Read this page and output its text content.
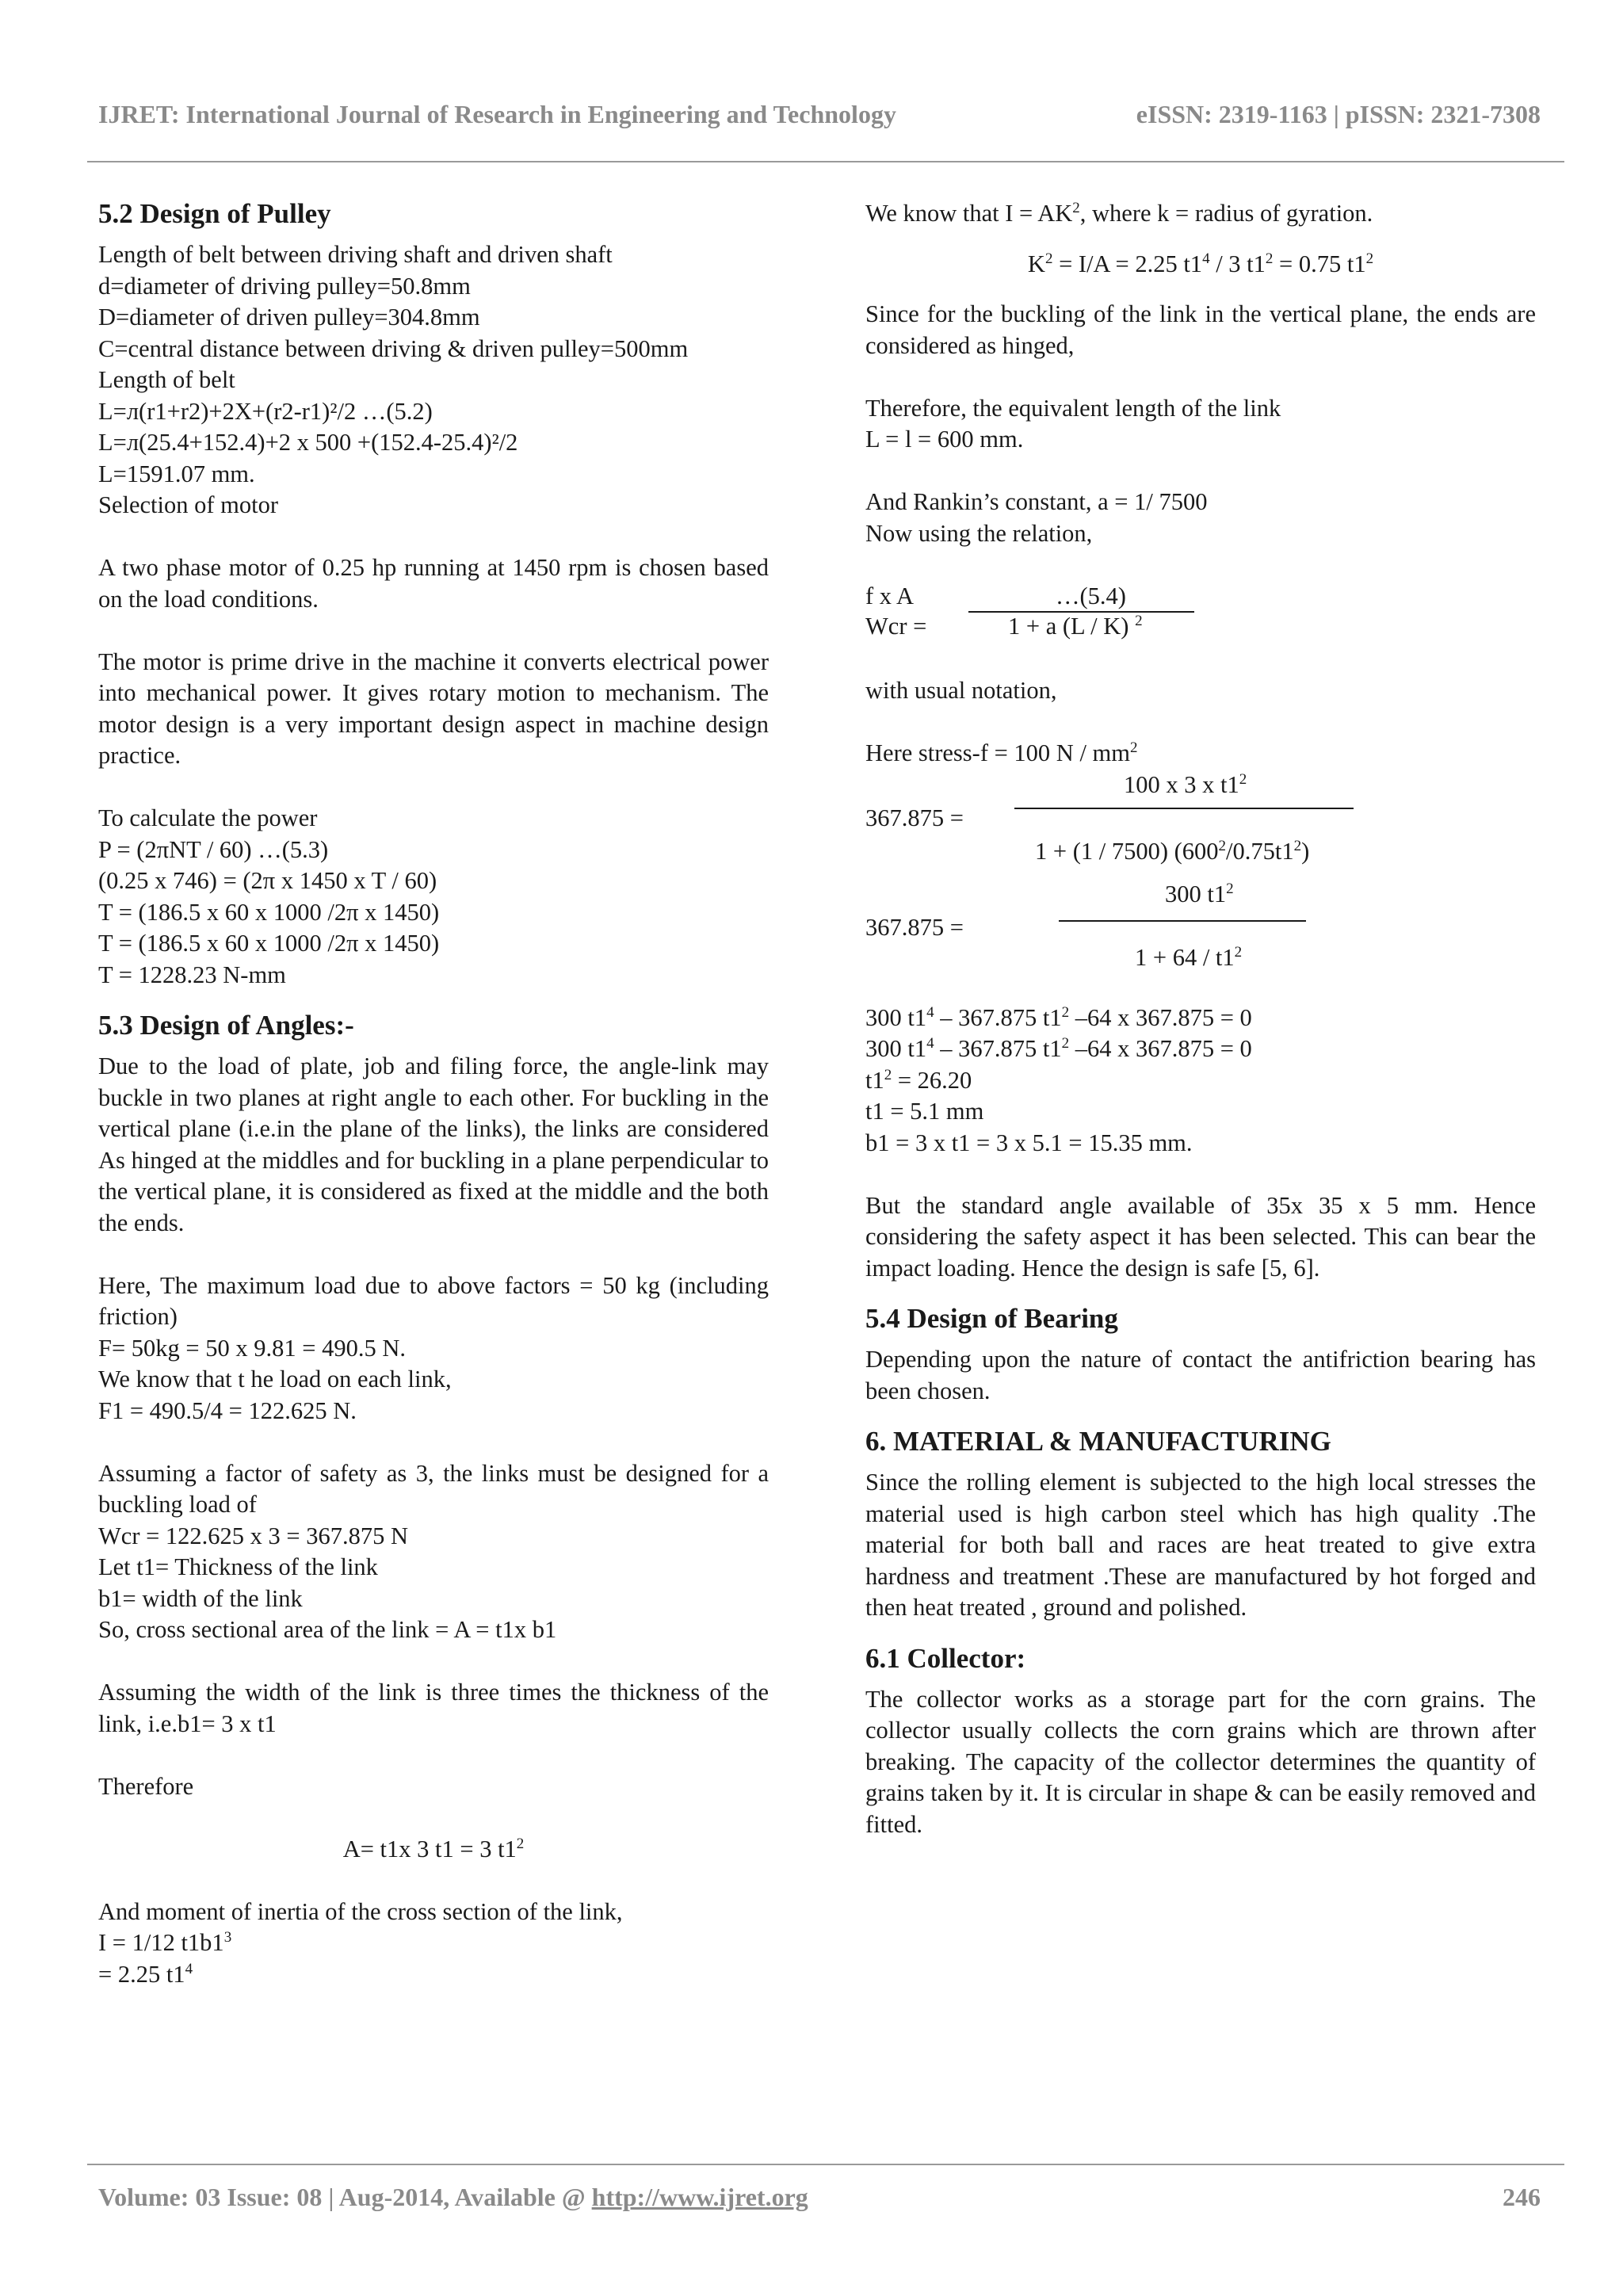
IJRET: International Journal of Research in Engineering and Technology	eISSN: 2319-1163 | pISSN: 2321-7308
5.2 Design of Pulley

Length of belt between driving shaft and driven shaft

d=diameter of driving pulley=50.8mm

D=diameter of driven pulley=304.8mm

C=central distance between driving & driven pulley=500mm

Length of belt

L=л(r1+r2)+2X+(r2-r1)²/2 …(5.2)

L=л(25.4+152.4)+2 x 500 +(152.4-25.4)²/2

L=1591.07 mm.

Selection of motor

A two phase motor of 0.25 hp running at 1450 rpm is chosen based on the load conditions.

The motor is prime drive in the machine it converts electrical power into mechanical power. It gives rotary motion to mechanism. The motor design is a very important design aspect in machine design practice.

To calculate the power

P = (2πNT / 60) …(5.3)

(0.25 x 746) = (2π x 1450 x T / 60)

T = (186.5 x 60 x 1000 /2π x 1450)

T = (186.5 x 60 x 1000 /2π x 1450)

T = 1228.23 N-mm

5.3 Design of Angles:-

Due to the load of plate, job and filing force, the angle-link may buckle in two planes at right angle to each other. For buckling in the vertical plane (i.e.in the plane of the links), the links are considered As hinged at the middles and for buckling in a plane perpendicular to the vertical plane, it is considered as fixed at the middle and the both the ends.

Here, The maximum load due to above factors = 50 kg (including friction)

F= 50kg = 50 x 9.81 = 490.5 N.

We know that t he load on each link,

F1 = 490.5/4 = 122.625 N.

Assuming a factor of safety as 3, the links must be designed for a buckling load of

Wcr = 122.625 x 3 = 367.875 N

Let t1= Thickness of the link

b1= width of the link

So, cross sectional area of the link = A = t1x b1

Assuming the width of the link is three times the thickness of the link, i.e.b1= 3 x t1

Therefore

A= t1x 3 t1 = 3 $t1^2$

And moment of inertia of the cross section of the link,

I = 1/12 $t1b1^3$

= 2.25 $t1^4$

We know that $I = AK^2$, where k = radius of gyration.

$K^2 = I/A = 2.25$ $t1^4 / 3$ $t1^2 = 0.75$ $t1^2$

Since for the buckling of the link in the vertical plane, the ends are considered as hinged,

Therefore, the equivalent length of the link

L = l = 600 mm.

And Rankin’s constant, a = 1/ 7500

Now using the relation,

f x A	…(5.4)
Wcr =	1 + a (L / K) $^2$

with usual notation,

Here stress-f = 100 N / $mm^2$

100 x 3 x $t1^2$
367.875 =
1 + (1 / 7500) $(600^2/0.75t1^2)$
300 $t1^2$
367.875 =
$1 + 64 / t1^2$

300 $t1^4 - 367.875$ $t1^2$ –64 x 367.875 = 0

300 $t1^4 - 367.875$ $t1^2$ –64 x 367.875 = 0

$t1^2 = 26.20$

t1 = 5.1 mm

b1 = 3 x t1 = 3 x 5.1 = 15.35 mm.

But the standard angle available of 35x 35 x 5 mm. Hence considering the safety aspect it has been selected. This can bear the impact loading. Hence the design is safe [5, 6].

5.4 Design of Bearing

Depending upon the nature of contact the antifriction bearing has been chosen.

6. MATERIAL & MANUFACTURING

Since the rolling element is subjected to the high local stresses the material used is high carbon steel which has high quality .The material for both ball and races are heat treated to give extra hardness and treatment .These are manufactured by hot forged and then heat treated , ground and polished.

6.1 Collector:

The collector works as a storage part for the corn grains. The collector usually collects the corn grains which are thrown after breaking. The capacity of the collector determines the quantity of grains taken by it. It is circular in shape & can be easily removed and fitted.

Volume: 03 Issue: 08 | Aug-2014, Available @ http://www.ijret.org	246
